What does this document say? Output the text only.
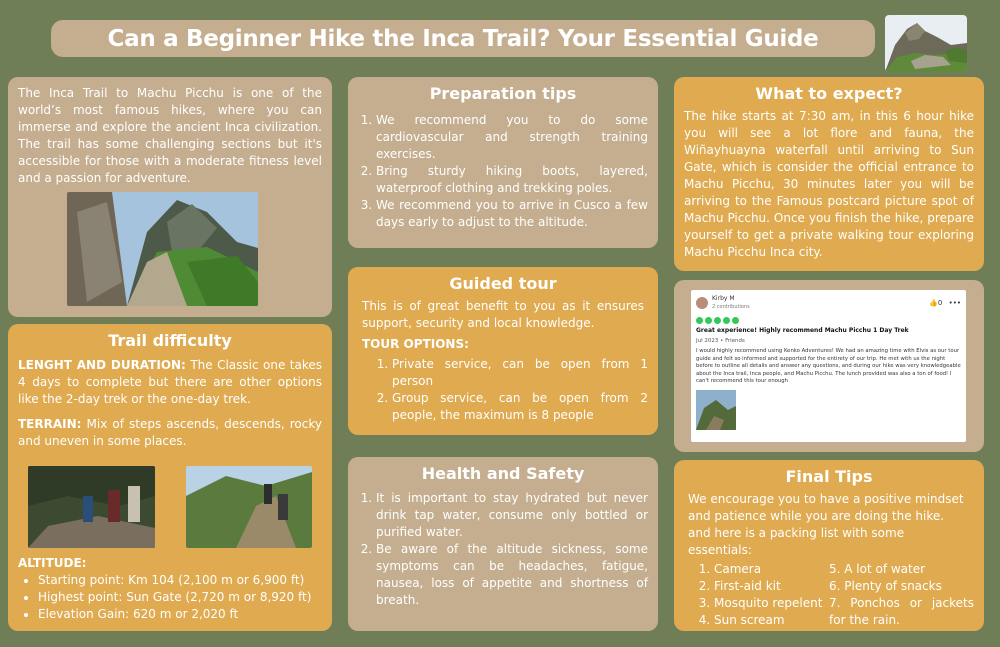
Can a Beginner Hike the Inca Trail? Your Essential Guide

The Inca Trail to Machu Picchu is one of the world’s most famous hikes, where you can immerse and explore the ancient Inca civilization. The trail has some challenging sections but it's accessible for those with a moderate fitness level and a passion for adventure.

Trail difficulty

LENGHT AND DURATION: The Classic one takes 4 days to complete but there are other options like the 2-day trek or the one-day trek.

TERRAIN: Mix of steps ascends, descends, rocky and uneven in some places.

ALTITUDE:

• Starting point: Km 104 (2,100 m or 6,900 ft)
• Highest point: Sun Gate (2,720 m or 8,920 ft)
• Elevation Gain: 620 m or 2,020 ft
Preparation tips
1. We recommend you to do some cardiovascular and strength training exercises.
2. Bring sturdy hiking boots, layered, waterproof clothing and trekking poles.
3. We recommend you to arrive in Cusco a few days early to adjust to the altitude.
Guided tour

This is of great benefit to you as it ensures support, security and local knowledge.

TOUR OPTIONS:

1. Private service, can be open from 1 person
2. Group service, can be open from 2 people, the maximum is 8 people
Health and Safety
1. It is important to stay hydrated but never drink tap water, consume only bottled or purified water.
2. Be aware of the altitude sickness, some symptoms can be headaches, fatigue, nausea, loss of appetite and shortness of breath.
What to expect?

The hike starts at 7:30 am, in this 6 hour hike you will see a lot flore and fauna, the Wiñayhuayna waterfall until arriving to Sun Gate, which is consider the official entrance to Machu Picchu, 30 minutes later you will be arriving to the Famous postcard picture spot of Machu Picchu. Once you finish the hike, prepare yourself to get a private walking tour exploring Machu Picchu Inca city.

Kirby M
2 contributions	👍0 •••
Great experience! Highly recommend Machu Picchu 1 Day Trek
Jul 2023 • Friends
I would highly recommend using Kenko Adventures! We had an amazing time with Elvis as our tour guide and felt so informed and supported for the entirety of our trip. He met with us the night before to outline all details and answer any questions, and during our hike was very knowledgeable about the Inca trail, Inca people, and Machu Picchu. The lunch provided was also a ton of food! I can't recommend this tour enough
Final Tips

We encourage you to have a positive mindset and patience while you are doing the hike. and here is a packing list with some essentials:

1. Camera
2. First-aid kit
3. Mosquito repelent
4. Sun scream
5. A lot of water
6. Plenty of snacks
7. Ponchos or jackets for the rain.
